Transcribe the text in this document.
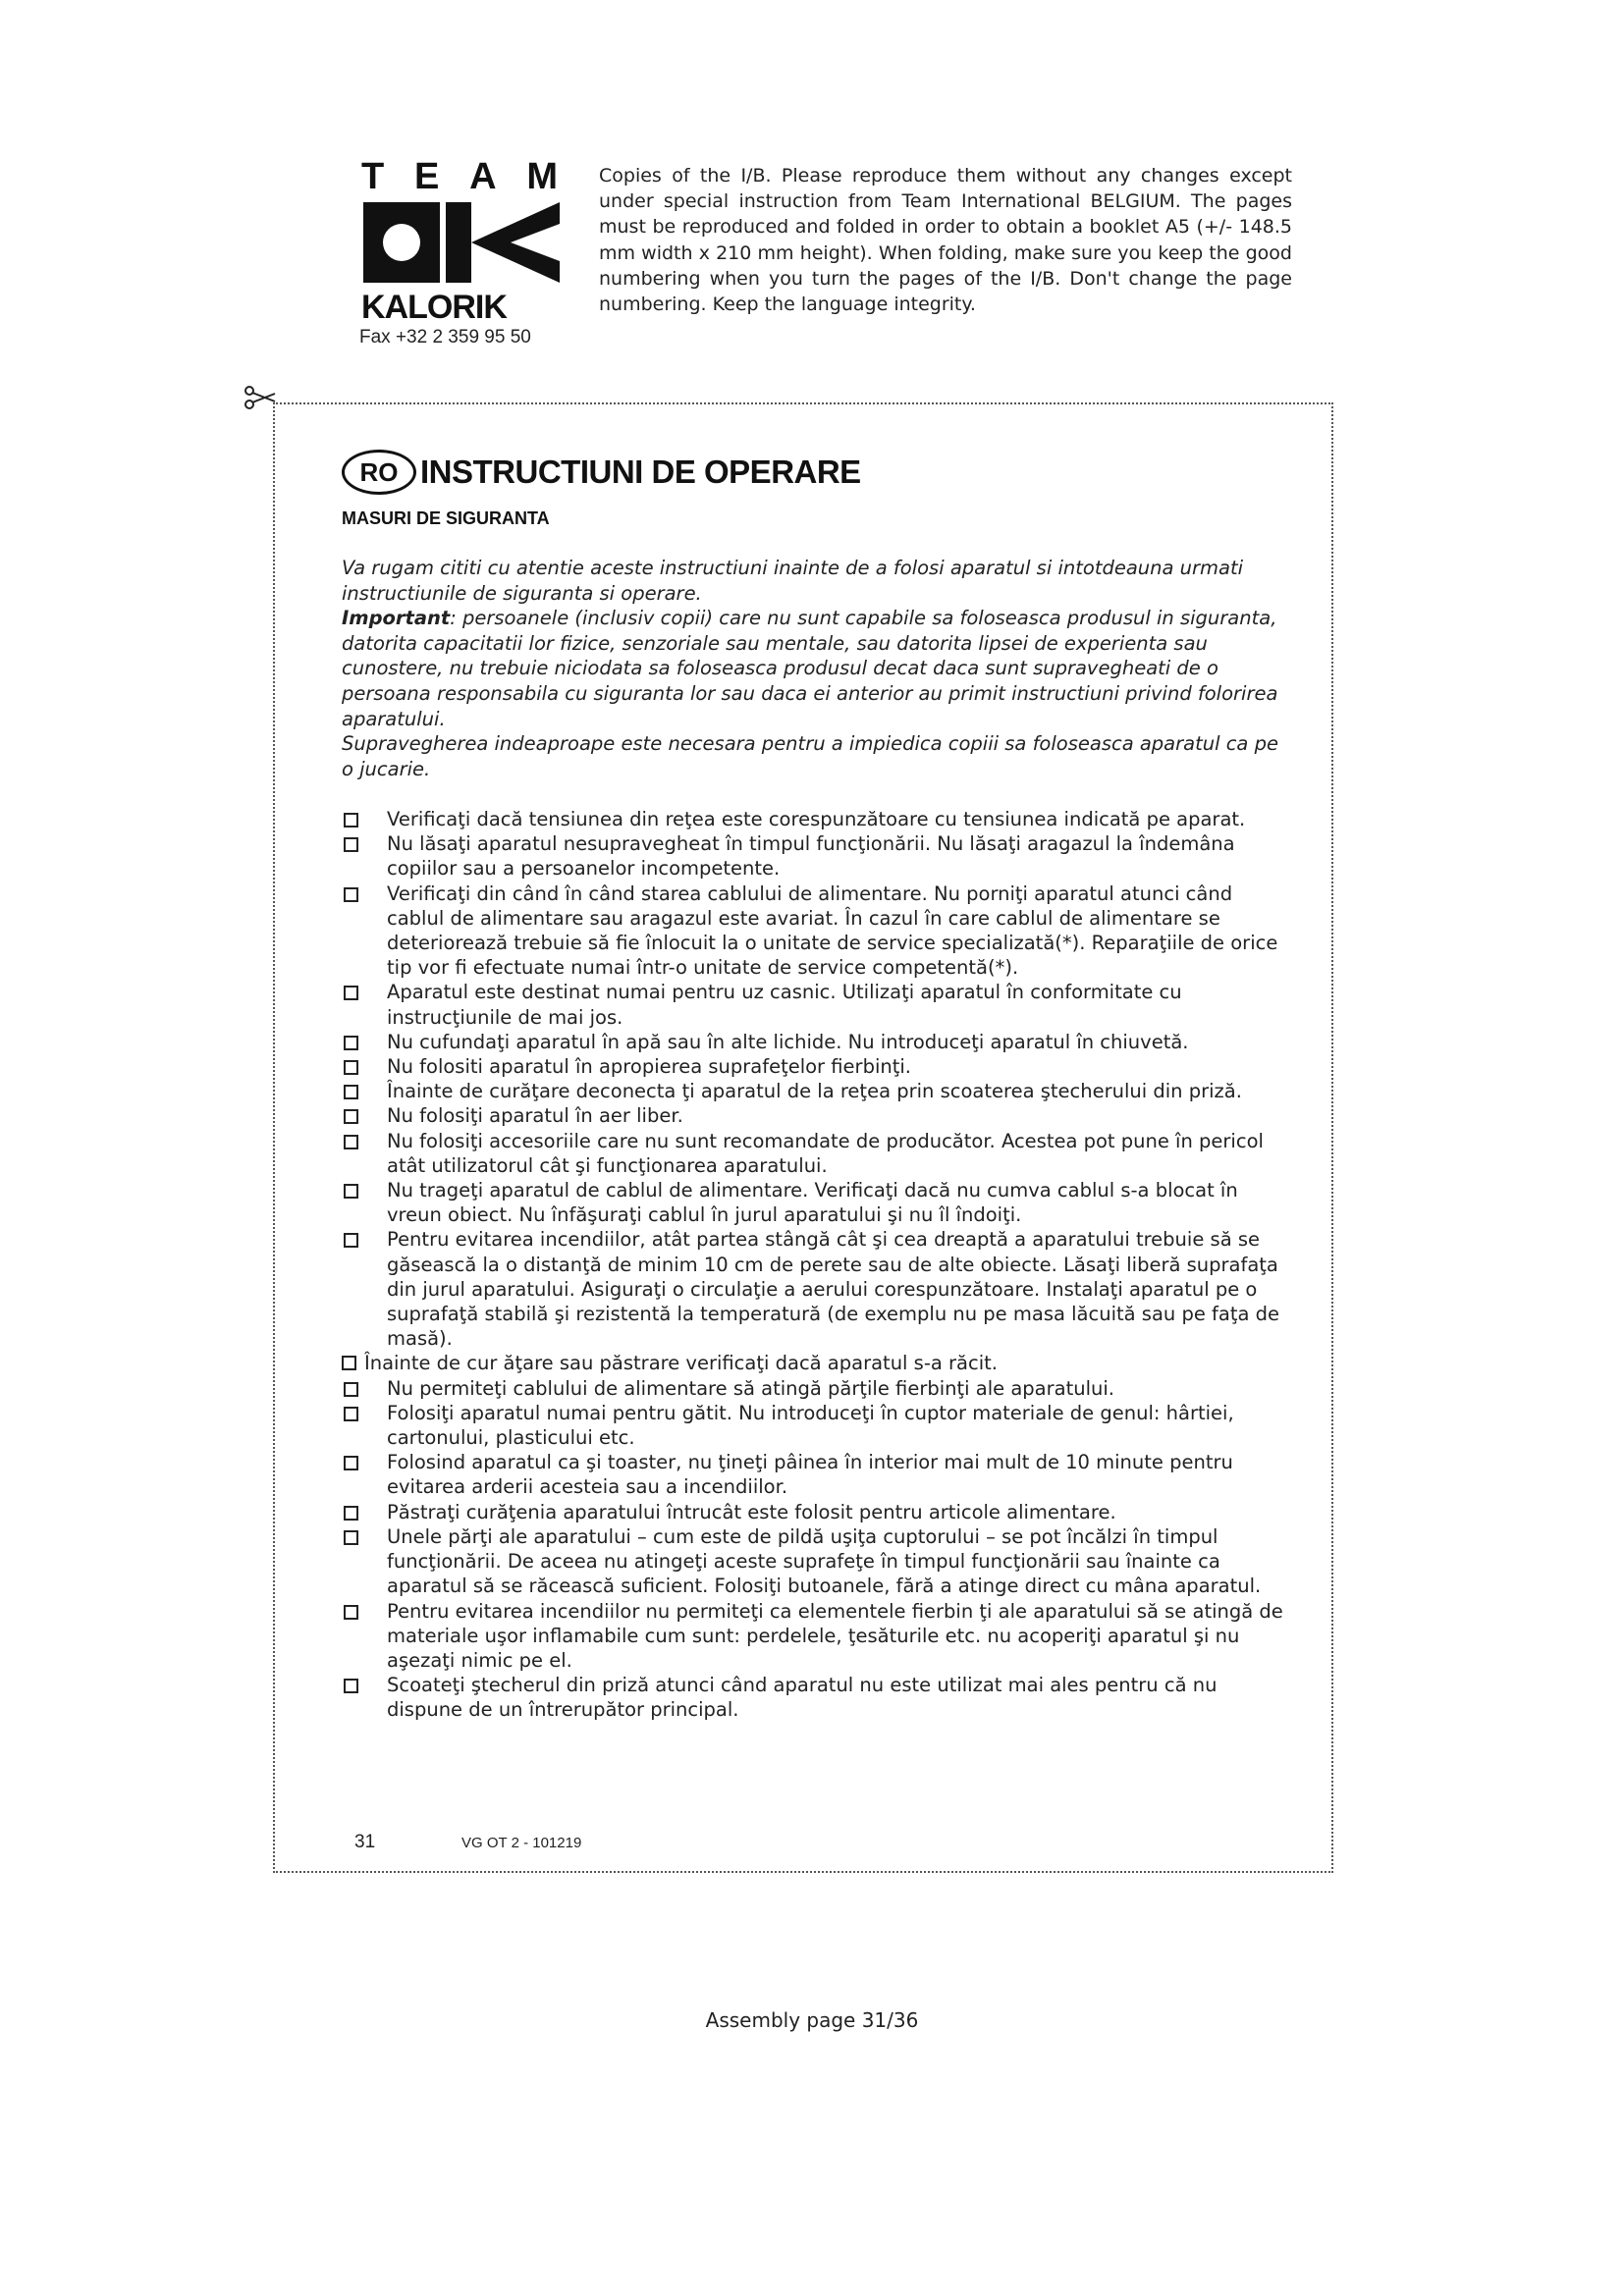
T E A M
KALORIK
Fax +32 2 359 95 50
Copies of the I/B. Please reproduce them without any changes except under special instruction from Team International BELGIUM. The pages must be reproduced and folded in order to obtain a booklet A5 (+/- 148.5 mm width x 210 mm height). When folding, make sure you keep the good numbering when you turn the pages of the I/B. Don't change the page numbering. Keep the language integrity.
RO INSTRUCTIUNI DE OPERARE
MASURI DE SIGURANTA

Va rugam cititi cu atentie aceste instructiuni inainte de a folosi aparatul si intotdeauna urmati instructiunile de siguranta si operare.

Important: persoanele (inclusiv copii) care nu sunt capabile sa foloseasca produsul in siguranta, datorita capacitatii lor fizice, senzoriale sau mentale, sau datorita lipsei de experienta sau cunostere, nu trebuie niciodata sa foloseasca produsul decat daca sunt supravegheati de o persoana responsabila cu siguranta lor sau daca ei anterior au primit instructiuni privind folorirea aparatului.

Supravegherea indeaproape este necesara pentru a impiedica copiii sa foloseasca aparatul ca pe o jucarie.

Verificaţi dacă tensiunea din reţea este corespunzătoare cu tensiunea indicată pe aparat.
Nu lăsaţi aparatul nesupravegheat în timpul funcţionării. Nu lăsaţi aragazul la îndemâna copiilor sau a persoanelor incompetente.
Verificaţi din când în când starea cablului de alimentare. Nu porniţi aparatul atunci când cablul de alimentare sau aragazul este avariat. În cazul în care cablul de alimentare se deteriorează trebuie să fie înlocuit la o unitate de service specializată(*). Reparaţiile de orice tip vor fi efectuate numai într-o unitate de service competentă(*).
Aparatul este destinat numai pentru uz casnic. Utilizaţi aparatul în conformitate cu instrucţiunile de mai jos.
Nu cufundaţi aparatul în apă sau în alte lichide. Nu introduceţi aparatul în chiuvetă.
Nu folositi aparatul în apropierea suprafeţelor fierbinţi.
Înainte de curăţare deconecta ţi aparatul de la reţea prin scoaterea ştecherului din priză.
Nu folosiţi aparatul în aer liber.
Nu folosiţi accesoriile care nu sunt recomandate de producător. Acestea pot pune în pericol atât utilizatorul cât şi funcţionarea aparatului.
Nu trageţi aparatul de cablul de alimentare. Verificaţi dacă nu cumva cablul s-a blocat în vreun obiect. Nu înfăşuraţi cablul în jurul aparatului şi nu îl îndoiţi.
Pentru evitarea incendiilor, atât partea stângă cât şi cea dreaptă a aparatului trebuie să se găsească la o distanţă de minim 10 cm de perete sau de alte obiecte. Lăsaţi liberă suprafaţa din jurul aparatului. Asiguraţi o circulaţie a aerului corespunzătoare. Instalaţi aparatul pe o suprafaţă stabilă şi rezistentă la temperatură (de exemplu nu pe masa lăcuită sau pe faţa de masă).
Înainte de cur ăţare sau păstrare verificaţi dacă aparatul s-a răcit.
Nu permiteţi cablului de alimentare să atingă părţile fierbinţi ale aparatului.
Folosiţi aparatul numai pentru gătit. Nu introduceţi în cuptor materiale de genul: hârtiei, cartonului, plasticului etc.
Folosind aparatul ca şi toaster, nu ţineţi pâinea în interior mai mult de 10 minute pentru evitarea arderii acesteia sau a incendiilor.
Păstraţi curăţenia aparatului întrucât este folosit pentru articole alimentare.
Unele părţi ale aparatului – cum este de pildă uşiţa cuptorului – se pot încălzi în timpul funcţionării. De aceea nu atingeţi aceste suprafeţe în timpul funcţionării sau înainte ca aparatul să se răcească suficient. Folosiţi butoanele, fără a atinge direct cu mâna aparatul.
Pentru evitarea incendiilor nu permiteţi ca elementele fierbin ţi ale aparatului să se atingă de materiale uşor inflamabile cum sunt: perdelele, ţesăturile etc. nu acoperiţi aparatul şi nu aşezaţi nimic pe el.
Scoateţi ştecherul din priză atunci când aparatul nu este utilizat mai ales pentru că nu dispune de un întrerupător principal.
31	VG OT 2 - 101219
Assembly page 31/36
